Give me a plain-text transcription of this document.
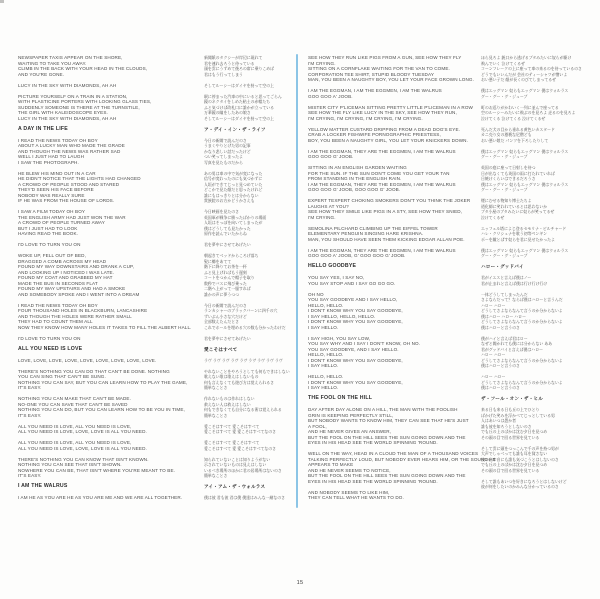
NEWSPAPER TAXIS APPEAR ON THE SHORE,
WAITING TO TAKE YOU AWAY.
CLIMB IN THE BACK WITH YOUR HEAD IN THE CLOUDS,
AND YOU'RE GONE.
LUCY IN THE SKY WITH DIAMONDS, AH AH
PICTURE YOURSELF ON A TRAIN IN A STATION,
WITH PLASTICINE PORTERS WITH LOOKING GLASS TIES,
SUDDENLY SOMEONE IS THERE AT THE TURNSTILE,
THE GIRL WITH KALEIDOSCOPE EYES.
LUCY IN THE SKY WITH DIAMONDS, AH AH
A DAY IN THE LIFE
I READ THE NEWS TODAY OH BOY
ABOUT A LUCKY MAN WHO MADE THE GRADE
AND THOUGH THE NEWS WAS RATHER SAD
WELL I JUST HAD TO LAUGH
I SAW THE PHOTOGRAPH.
HE BLEW HIS MIND OUT IN A CAR
HE DIDN'T NOTICE THAT THE LIGHTS HAD CHANGED
A CROWD OF PEOPLE STOOD AND STARED
THEY'D SEEN HIS FACE BEFORE
NOBODY WAS REALLY SURE
IF HE WAS FROM THE HOUSE OF LORDS.
I SAW A FILM TODAY OH BOY
THE ENGLISH ARMY HAD JUST WON THE WAR
A CROWD OF PEOPLE TURNED AWAY
BUT I JUST HAD TO LOOK
HAVING READ THE BOOK.
I'D LOVE TO TURN YOU ON
WOKE UP, FELL OUT OF BED,
DRAGGED A COMB ACROSS MY HEAD
FOUND MY WAY DOWNSTAIRS AND DRANK A CUP,
AND LOOKING UP I NOTICED I WAS LATE.
FOUND MY COAT AND GRABBED MY HAT
MADE THE BUS IN SECONDS FLAT
FOUND MY WAY UPSTAIRS AND HAD A SMOKE
AND SOMEBODY SPOKE AND I WENT INTO A DREAM
I READ THE NEWS TODAY OH BOY
FOUR THOUSAND HOLES IN BLACKBURN, LANCASHIRE
AND THOUGH THE HOLES WERE RATHER SMALL
THEY HAD TO COUNT THEM ALL
NOW THEY KNOW HOW MANY HOLES IT TAKES TO FILL THE ALBERT HALL.
I'D LOVE TO TURN YOU ON
ALL YOU NEED IS LOVE
LOVE, LOVE, LOVE, LOVE, LOVE, LOVE, LOVE, LOVE, LOVE.
THERE'S NOTHING YOU CAN DO THAT CAN'T BE DONE. NOTHING
YOU CAN SING THAT CAN'T BE SUNG.
NOTHING YOU CAN SAY, BUT YOU CAN LEARN HOW TO PLAY THE GAME,
IT'S EASY.
NOTHING YOU CAN MAKE THAT CAN'T BE MADE.
NO-ONE YOU CAN SAVE THAT CAN'T BE SAVED
NOTHING YOU CAN DO, BUT YOU CAN LEARN HOW TO BE YOU IN TIME,
IT'S EASY.
ALL YOU NEED IS LOVE, ALL YOU NEED IS LOVE,
ALL YOU NEED IS LOVE, LOVE, LOVE IS ALL YOU NEED.
ALL YOU NEED IS LOVE, ALL YOU NEED IS LOVE,
ALL YOU NEED IS LOVE, LOVE, LOVE IS ALL YOU NEED.
THERE'S NOTHING YOU CAN KNOW THAT ISN'T KNOWN.
NOTHING YOU CAN SEE THAT ISN'T SHOWN.
NOWHERE YOU CAN BE, THAT ISN'T WHERE YOU'RE MEANT TO BE.
IT'S EASY.
I AM THE WALRUS
I AM HE AS YOU ARE HE AS YOU ARE ME AND WE ARE ALL TOGETHER.
新聞紙のタクシーが岸辺に現れて
君を連れ去ろうと待っている
頭を雲にうずめて後ろの席に乗りこめば
君はもう行ってしまう
そしてルーシーはダイヤを持って空の上
駅に停まった汽車の中にいると思ってごらん
鏡のネクタイをしめた粘土の赤帽たち
ふと気づけば改札口に誰かが立っている
万華鏡の瞳をしたあの娘さ
そしてルーシーはダイヤを持って空の上
ア・デイ・イン・ザ・ライフ
今日の新聞で読んだのさ
うまくやりとげた男の記事
かなり悲しい話だったけど
つい笑ってしまったよ
写真を見たものだから
あの男は車の中で気が変になった
信号が変わったのにも気づかずに
人垣ができてじっと見つめていた
どこかで見た顔だと思ったけれど
誰にもはっきりとは分からない
貴族院のお方かどうかさえも
今日映画を見たのさ
英国軍が戦争に勝ったばかりの場面
人垣はそっぽを向いてしまったが
僕はどうしても見たかった
原作を読んでいたからね
君を夢中にさせてあげたい
朝起きてベッドからころげ落ち
髪に櫛をあてて
階下に降りてお茶を一杯
ふと見上げればもう遅刻
コートをつかんで帽子を取り
数秒でバスに飛び乗った
二階へ上がって一服すれば
誰かの声に夢うつつ
今日の新聞で読んだのさ
ランカシャーのブラックバーンに四千の穴
ずいぶん小さな穴だけど
全部数えたんだとさ
これでホールを埋める穴の数も分かったわけだ
君を夢中にさせてあげたい
愛こそはすべて
ラヴ ラヴ ラヴ ラヴ ラヴ ラヴ ラヴ ラヴ ラヴ
やれないことをやろうとしても何もできはしない
歌えない歌は歌えはしないもの
何も言えなくても遊び方は覚えられるさ
簡単なことさ
作れないものは作れはしない
救えない人は救えはしない
何もできなくても自分になる術は覚えられる
簡単なことさ
愛こそはすべて 愛こそはすべて
愛こそはすべて 愛 愛こそはすべてなのさ
愛こそはすべて 愛こそはすべて
愛こそはすべて 愛 愛こそはすべてなのさ
知られていないことは知りようがない
示されていないものは見えはしない
いるべき場所のほかに君の居場所はないのさ
簡単なことさ
アイ・アム・ザ・ウォルラス
僕は彼 君も彼 君は僕 僕達はみんな一緒なのさ
SEE HOW THEY RUN LIKE PIGS FROM A GUN, SEE HOW THEY FLY
I'M CRYING.
SITTING ON A CORNFLAKE WAITING FOR THE VAN TO COME.
CORPORATION TEE SHIRT, STUPID BLOODY TUESDAY
MAN, YOU BEEN A NAUGHTY BOY, YOU LET YOUR FACE GROWN LONG.
I AM THE EGGMAN, I AM THE EGGMEN, I AM THE WALRUS
GOO GOO A' JOOB.
MISTER CITY P'LICEMAN SITTING PRETTY LITTLE P'LICEMAN IN A ROW
SEE HOW THE FLY LIKE LUCY IN THE SKY, SEE HOW THEY RUN,
I'M CRYING, I'M CRYING, I'M CRYING, I'M CRYING.
YELLOW MATTER CUSTARD DRIPPING FROM A DEAD DOG'S EYE.
CRAB A LOCKER FISHWIFE PORNOGRAPHIC PRIESTESS,
BOY, YOU BEEN A NAUGHTY GIRL, YOU LET YOUR KNICKERS DOWN.
I AM THE EGGMAN, THEY ARE THE EGGMEN, I AM THE WALRUS
GOO GOO G' JOOB.
SITTING IN AN ENGLISH GARDEN WAITING
FOR THE SUN. IF THE SUN DON'T COME YOU GET YOUR TAN
FROM STANDING IN THE ENGLISH RAIN.
I AM THE EGGMAN, THEY ARE THE EGGMEN, I AM THE WALRUS
GOO GOO G' JOOB, GOO GOO G' JOOB.
EXPERT TEXPERT CHOKING SMOKERS DON'T YOU THINK THE JOKER
LAUGHS AT YOU?
SEE HOW THEY SMILE LIKE PIGS IN A STY, SEE HOW THEY SNIED,
I'M CRYING.
SEMOLINA PILCHARD CLIMBING UP THE EIFFEL TOWER
ELEMENTARY PENGUIN SINGING HARE KRISHNA.
MAN, YOU SHOULD HAVE SEEN THEM KICKING EDGAR ALLAN POE.
I AM THE EGGMAN, THEY ARE THE EGGMEN, I AM THE WALRUS
GOO GOO A' JOOB, G' GOO GOO G' JOOB.
HELLO GOODBYE
YOU SAY YES, I SAY NO,
YOU SAY STOP AND I SAY GO GO GO.
OH NO
YOU SAY GOODBYE AND I SAY HELLO,
HELLO, HELLO.
I DON'T KNOW WHY YOU SAY GOODBYE,
I SAY HELLO, HELLO, HELLO.
I DON'T KNOW WHY YOU SAY GOODBYE,
I SAY HELLO.
I SAY HIGH, YOU SAY LOW,
YOU SAY WHY AND I SAY I DON'T KNOW, OH NO.
YOU SAY GOODBYE, AND I SAY HELLO.
HELLO, HELLO.
I DON'T KNOW WHY YOU SAY GOODBYE,
I SAY HELLO.
HELLO, HELLO.
I DON'T KNOW WHY YOU SAY GOODBYE,
I SAY HELLO.
THE FOOL ON THE HILL
DAY AFTER DAY ALONE ON A HILL, THE MAN WITH THE FOOLISH
GRIN IS KEEPING PERFECTLY STILL,
BUT NOBODY WANTS TO KNOW HIM, THEY CAN SEE THAT HE'S JUST
A FOOL,
AND HE NEVER GIVES AN ANSWER,
BUT THE FOOL ON THE HILL SEES THE SUN GOING DOWN AND THE
EYES IN HIS HEAD SEE THE WORLD SPINNING 'ROUND.
WELL ON THE WAY, HEAD IN A CLOUD THE MAN OF A THOUSAND VOICES
TALKING PERFECTLY LOUD, BUT NOBODY EVER HEARS HIM, OR THE SOUND HE
APPEARS TO MAKE
AND HE NEVER SEEMS TO NOTICE,
BUT THE FOOL ON THE HILL SEES THE SUN GOING DOWN AND THE
EYES IN HIS HEAD SEE THE WORLD SPINNING 'ROUND.
AND NOBODY SEEMS TO LIKE HIM,
THEY CAN TELL WHAT HE WANTS TO DO.
ほら見ろよ 銃口から逃げるブタみたいに奴らが駆け
飛んでいく 泣けてくるぜ
コーンフレークの上に座って車の来るのを待っているのさ
どうでもいいんだが 会社のティーシャツが憎いよ
おい悪い子だ 顔が長くのびてしまってるぜ
僕はエッグマン 奴らもエッグマン 僕はウォルラス
グー・グー・グ・ジューブ
町のお巡りがかわいく一列に並んで座ってる
空のルーシーみたいに飛ぶのを見ろよ 走るのを見ろよ
泣けてくる 泣けてくる 泣けてくるぜ
死んだ犬の目から垂れる黄色いカスタード
カニ売り女の猥褻な尼僧ども
おい悪い娘だ パンツを下ろしたりして
僕はエッグマン 奴らもエッグマン 僕はウォルラス
グー・グー・グ・ジューブ
英国の庭に座って日射しを待つ
日が出なくても英国の雨に打たれていれば
日焼けくらいはできるだろうさ
僕はエッグマン 奴らもエッグマン 僕はウォルラス
グー・グー・グ・ジューブ
煙にむせる物知り博士たちよ
道化師に笑われているとは思わないか
ブタ小屋のブタみたいに奴らが笑ってるぜ
泣けてくるぜ
エッフェル塔によじ登るセモリナ・ピルチャード
ハレ・クリシュナを歌う初等ペンギン
ポーを蹴とばす奴らを君に見せたかったよ
僕はエッグマン 奴らもエッグマン 僕はウォルラス
グー・グー・グ・ジューブ
ハロー・グッドバイ
君がイエスと言えば僕はノー
君が止まれと言えば僕は行け行け行け
一体どうしてしまったんだ
さよならだって？ならば僕はハローと言うんだ
ハロー ハロー
どうしてさよならなんて言うのか分からないよ
僕はハロー ハロー ハロー
どうしてさよならなんて言うのか分からないよ
僕はハローと言うのさ
僕がハイと言えば君はロー
なぜと聞かれても僕には分からない ああ
君がグッドバイと言えば僕はハロー
ハロー ハロー
どうしてさよならなんて言うのか分からないよ
僕はハローと言うのさ
ハロー ハロー
どうしてさよならなんて言うのか分からないよ
僕はハローと言うのさ
ザ・フール・オン・ザ・ヒル
来る日も来る日も丘の上でひとり
ばかげた笑みを浮かべてじっとしている男
人はあいつは愚か者
誰も彼を知ろうとしないのさ
でも丘の上のばかは沈む夕日を見つめ
その頭の目で回る世界を見ている
そして雲に頭をつっこんで千の声を持つ男が
大声でしゃべっても誰も耳を貸さない
彼の出す音にも誰も気づこうとはしないのさ
でも丘の上のばかは沈む夕日を見つめ
その頭の目で回る世界を見ている
そして誰もあいつを好きになろうとはしないけど
彼が何をしたいのかみんな分かっているのさ
15
